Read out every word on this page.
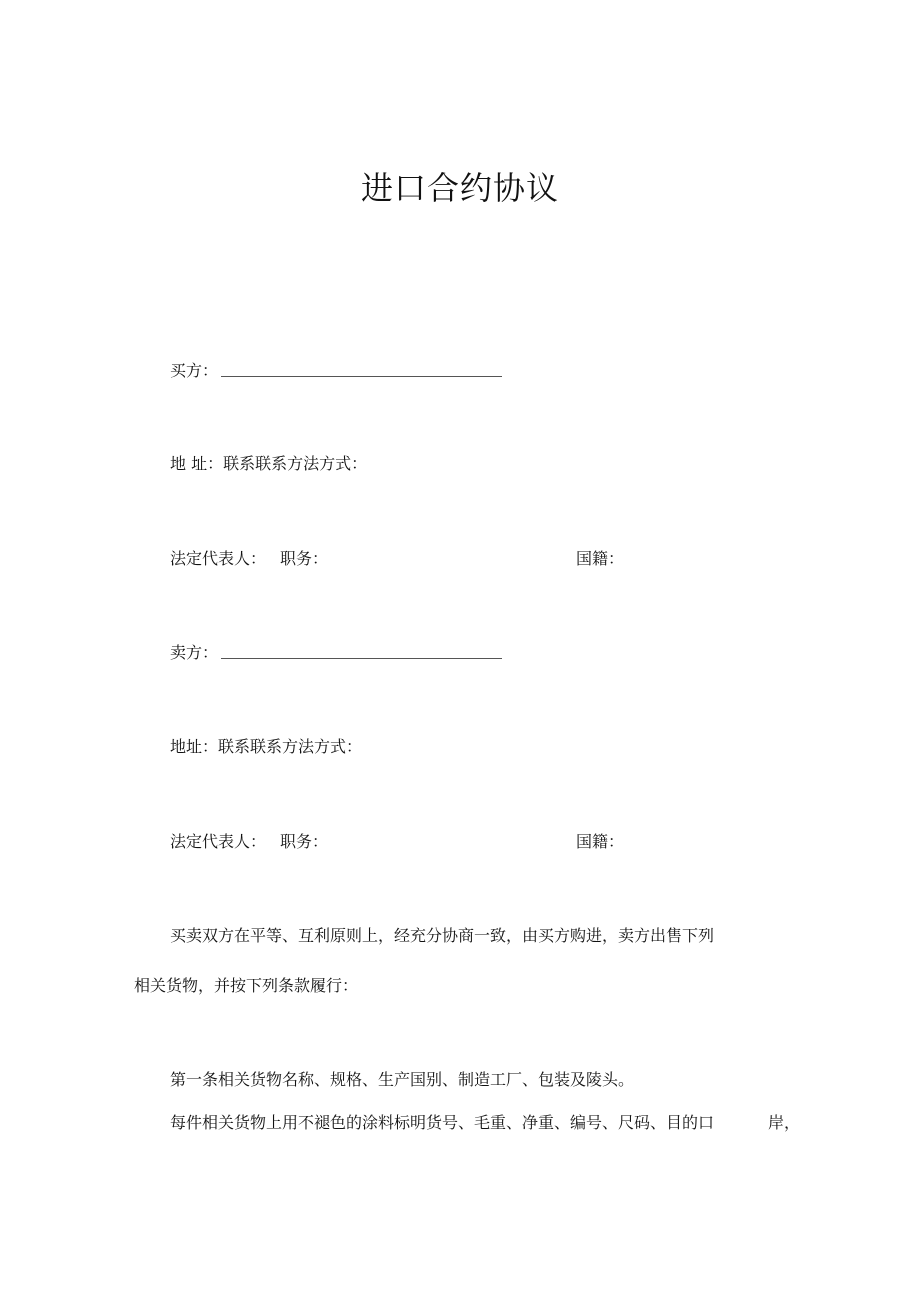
进口合约协议
买方：
地 址：联系联系方法方式：
法定代表人： 职务：	国籍：
卖方：
地址：联系联系方法方式：
法定代表人： 职务：	国籍：
买卖双方在平等、互利原则上，经充分协商一致，由买方购进，卖方出售下列
相关货物，并按下列条款履行：
第一条相关货物名称、规格、生产国别、制造工厂、包装及陵头。
每件相关货物上用不褪色的涂料标明货号、毛重、净重、编号、尺码、目的口	岸，
